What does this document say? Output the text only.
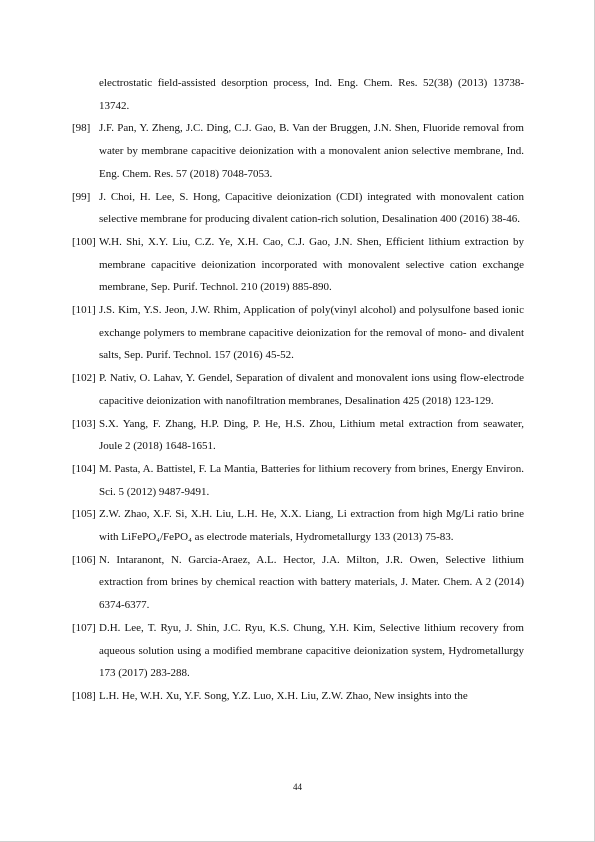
electrostatic field-assisted desorption process, Ind. Eng. Chem. Res. 52(38) (2013) 13738-13742.
[98] J.F. Pan, Y. Zheng, J.C. Ding, C.J. Gao, B. Van der Bruggen, J.N. Shen, Fluoride removal from water by membrane capacitive deionization with a monovalent anion selective membrane, Ind. Eng. Chem. Res. 57 (2018) 7048-7053.
[99] J. Choi, H. Lee, S. Hong, Capacitive deionization (CDI) integrated with monovalent cation selective membrane for producing divalent cation-rich solution, Desalination 400 (2016) 38-46.
[100] W.H. Shi, X.Y. Liu, C.Z. Ye, X.H. Cao, C.J. Gao, J.N. Shen, Efficient lithium extraction by membrane capacitive deionization incorporated with monovalent selective cation exchange membrane, Sep. Purif. Technol. 210 (2019) 885-890.
[101] J.S. Kim, Y.S. Jeon, J.W. Rhim, Application of poly(vinyl alcohol) and polysulfone based ionic exchange polymers to membrane capacitive deionization for the removal of mono- and divalent salts, Sep. Purif. Technol. 157 (2016) 45-52.
[102] P. Nativ, O. Lahav, Y. Gendel, Separation of divalent and monovalent ions using flow-electrode capacitive deionization with nanofiltration membranes, Desalination 425 (2018) 123-129.
[103] S.X. Yang, F. Zhang, H.P. Ding, P. He, H.S. Zhou, Lithium metal extraction from seawater, Joule 2 (2018) 1648-1651.
[104] M. Pasta, A. Battistel, F. La Mantia, Batteries for lithium recovery from brines, Energy Environ. Sci. 5 (2012) 9487-9491.
[105] Z.W. Zhao, X.F. Si, X.H. Liu, L.H. He, X.X. Liang, Li extraction from high Mg/Li ratio brine with LiFePO₄/FePO₄ as electrode materials, Hydrometallurgy 133 (2013) 75-83.
[106] N. Intaranont, N. Garcia-Araez, A.L. Hector, J.A. Milton, J.R. Owen, Selective lithium extraction from brines by chemical reaction with battery materials, J. Mater. Chem. A 2 (2014) 6374-6377.
[107] D.H. Lee, T. Ryu, J. Shin, J.C. Ryu, K.S. Chung, Y.H. Kim, Selective lithium recovery from aqueous solution using a modified membrane capacitive deionization system, Hydrometallurgy 173 (2017) 283-288.
[108] L.H. He, W.H. Xu, Y.F. Song, Y.Z. Luo, X.H. Liu, Z.W. Zhao, New insights into the
44
